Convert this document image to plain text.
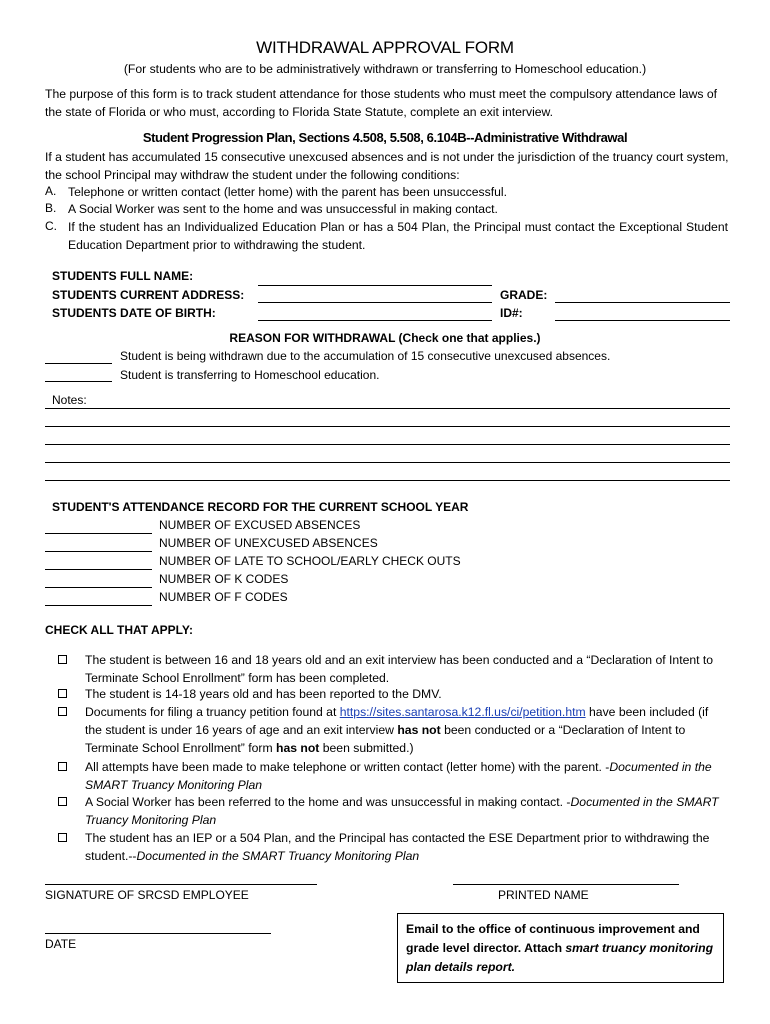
WITHDRAWAL APPROVAL FORM
(For students who are to be administratively withdrawn or transferring to Homeschool education.)
The purpose of this form is to track student attendance for those students who must meet the compulsory attendance laws of the state of Florida or who must, according to Florida State Statute, complete an exit interview.
Student Progression Plan, Sections 4.508, 5.508, 6.104B--Administrative Withdrawal
If a student has accumulated 15 consecutive unexcused absences and is not under the jurisdiction of the truancy court system, the school Principal may withdraw the student under the following conditions:
A. Telephone or written contact (letter home) with the parent has been unsuccessful.
B. A Social Worker was sent to the home and was unsuccessful in making contact.
C. If the student has an Individualized Education Plan or has a 504 Plan, the Principal must contact the Exceptional Student Education Department prior to withdrawing the student.
STUDENTS FULL NAME:
STUDENTS CURRENT ADDRESS:
STUDENTS DATE OF BIRTH:
GRADE:
ID#:
REASON FOR WITHDRAWAL (Check one that applies.)
Student is being withdrawn due to the accumulation of 15 consecutive unexcused absences.
Student is transferring to Homeschool education.
Notes:
STUDENT'S ATTENDANCE RECORD FOR THE CURRENT SCHOOL YEAR
NUMBER OF EXCUSED ABSENCES
NUMBER OF UNEXCUSED ABSENCES
NUMBER OF LATE TO SCHOOL/EARLY CHECK OUTS
NUMBER OF K CODES
NUMBER OF F CODES
CHECK ALL THAT APPLY:
The student is between 16 and 18 years old and an exit interview has been conducted and a “Declaration of Intent to Terminate School Enrollment” form has been completed.
The student is 14-18 years old and has been reported to the DMV.
Documents for filing a truancy petition found at https://sites.santarosa.k12.fl.us/ci/petition.htm have been included (if the student is under 16 years of age and an exit interview has not been conducted or a “Declaration of Intent to Terminate School Enrollment” form has not been submitted.)
All attempts have been made to make telephone or written contact (letter home) with the parent. -Documented in the SMART Truancy Monitoring Plan
A Social Worker has been referred to the home and was unsuccessful in making contact. -Documented in the SMART Truancy Monitoring Plan
The student has an IEP or a 504 Plan, and the Principal has contacted the ESE Department prior to withdrawing the student.--Documented in the SMART Truancy Monitoring Plan
SIGNATURE OF SRCSD EMPLOYEE	PRINTED NAME
DATE
Email to the office of continuous improvement and grade level director. Attach smart truancy monitoring plan details report.
